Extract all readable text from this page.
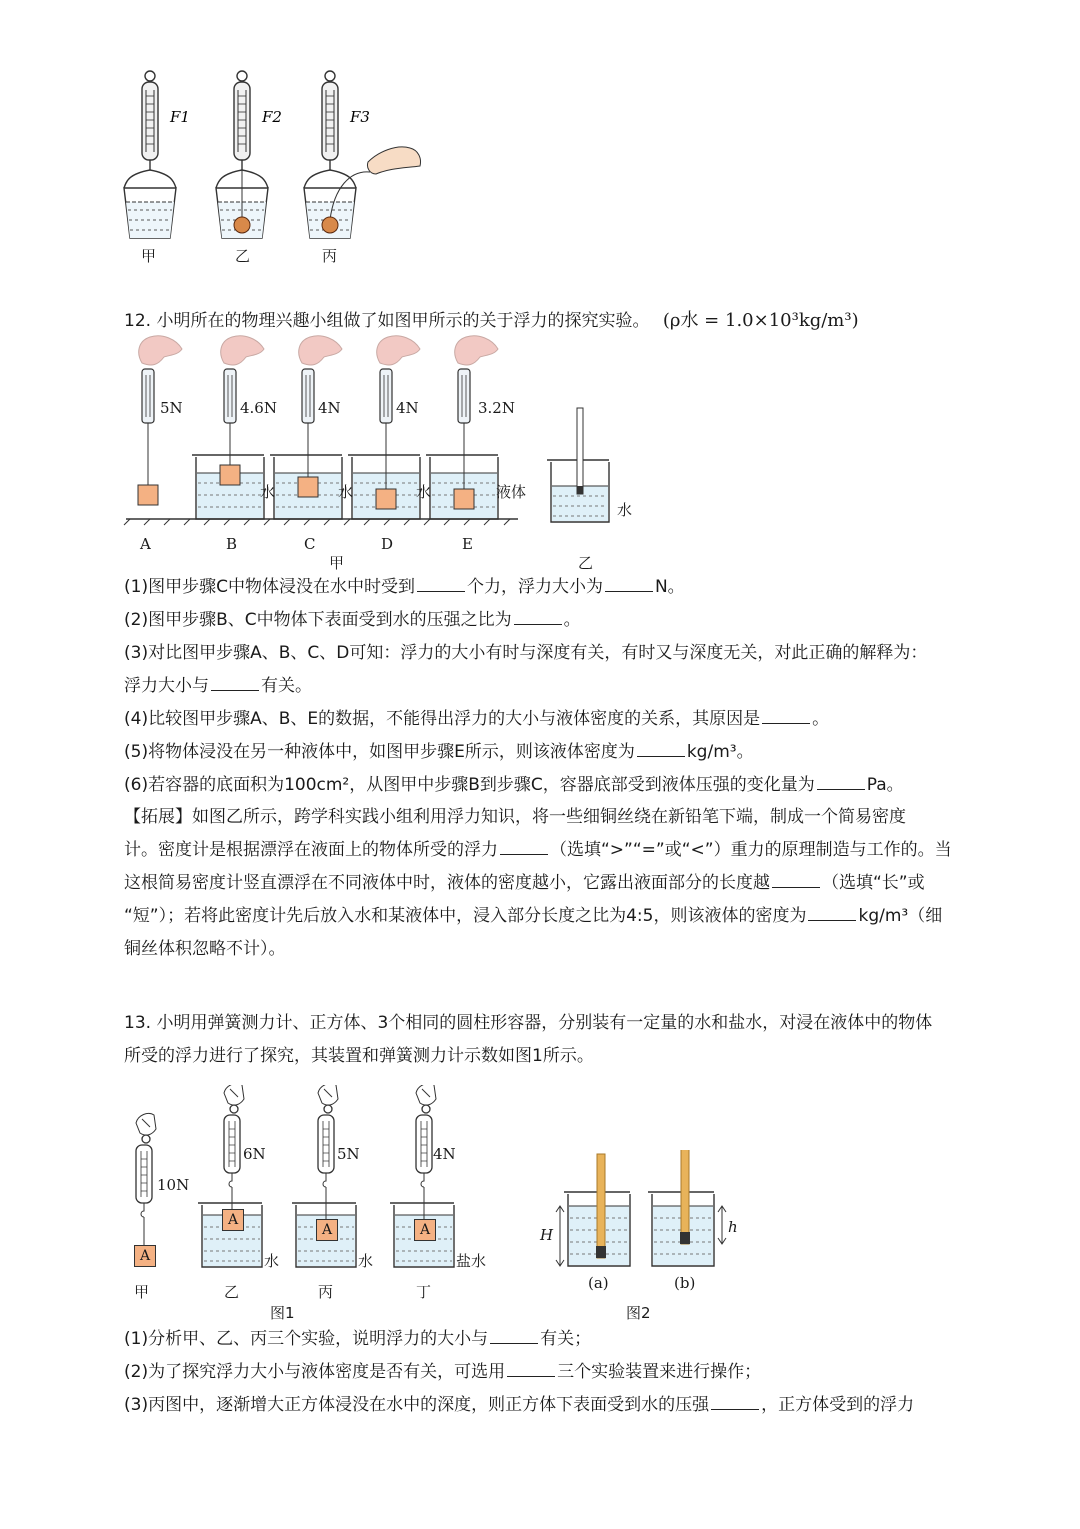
F1	F2	F3
甲	乙	丙
12. 小明所在的物理兴趣小组做了如图甲所示的关于浮力的探究实验。 (ρ水 = 1.0×10³kg/m³)
5N	4.6N	4N	4N	3.2N
水	水	水	液体
A	B	C	D	E
甲
水
乙
(1)图甲步骤C中物体浸没在水中时受到	个力，浮力大小为	N。
(2)图甲步骤B、C中物体下表面受到水的压强之比为	。
(3)对比图甲步骤A、B、C、D可知：浮力的大小有时与深度有关，有时又与深度无关，对此正确的解释为：
浮力大小与	有关。
(4)比较图甲步骤A、B、E的数据，不能得出浮力的大小与液体密度的关系，其原因是	。
(5)将物体浸没在另一种液体中，如图甲步骤E所示，则该液体密度为	kg/m³。
(6)若容器的底面积为100cm²，从图甲中步骤B到步骤C，容器底部受到液体压强的变化量为	Pa。
【拓展】如图乙所示，跨学科实践小组利用浮力知识，将一些细铜丝绕在新铅笔下端，制成一个简易密度
计。密度计是根据漂浮在液面上的物体所受的浮力	（选填“>”“=”或“<”）重力的原理制造与工作的。当
这根简易密度计竖直漂浮在不同液体中时，液体的密度越小，它露出液面部分的长度越	（选填“长”或
“短”）；若将此密度计先后放入水和某液体中，浸入部分长度之比为4:5，则该液体的密度为	kg/m³（细
铜丝体积忽略不计）。
13. 小明用弹簧测力计、正方体、3个相同的圆柱形容器，分别装有一定量的水和盐水，对浸在液体中的物体
所受的浮力进行了探究，其装置和弹簧测力计示数如图1所示。
A
A
A	A
10N
6N	5N	4N
水	水	盐水
甲	乙	丙	丁
图1
H	h
(a)	(b)
图2
(1)分析甲、乙、丙三个实验，说明浮力的大小与	有关；
(2)为了探究浮力大小与液体密度是否有关，可选用	三个实验装置来进行操作；
(3)丙图中，逐渐增大正方体浸没在水中的深度，则正方体下表面受到水的压强	，正方体受到的浮力
